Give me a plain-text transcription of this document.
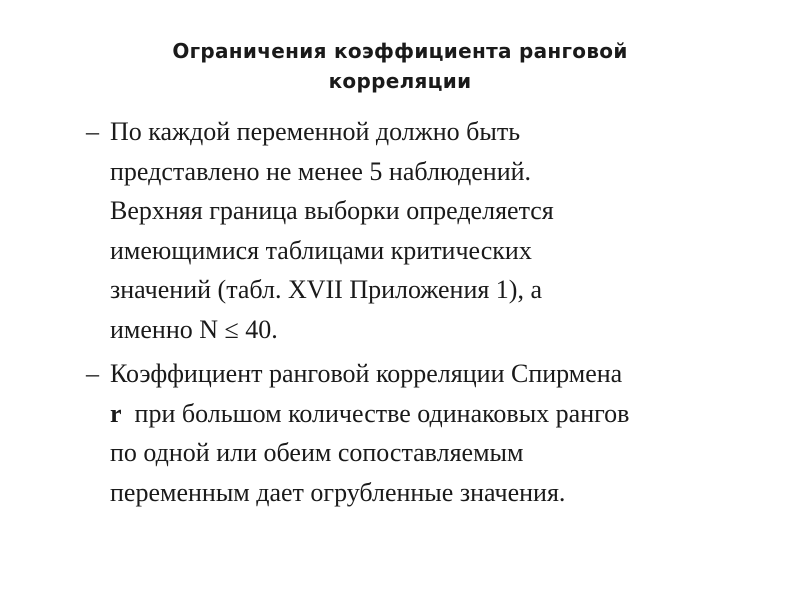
Ограничения коэффициента ранговой
корреляции
– По каждой переменной должно быть
представлено не менее 5 наблюдений.
Верхняя граница выборки определяется
имеющимися таблицами критических
значений (табл. XVII Приложения 1), а
именно N ≤ 40.
– Коэффициент ранговой корреляции Спирмена
r  при большом количестве одинаковых рангов
по одной или обеим сопоставляемым
переменным дает огрубленные значения.
